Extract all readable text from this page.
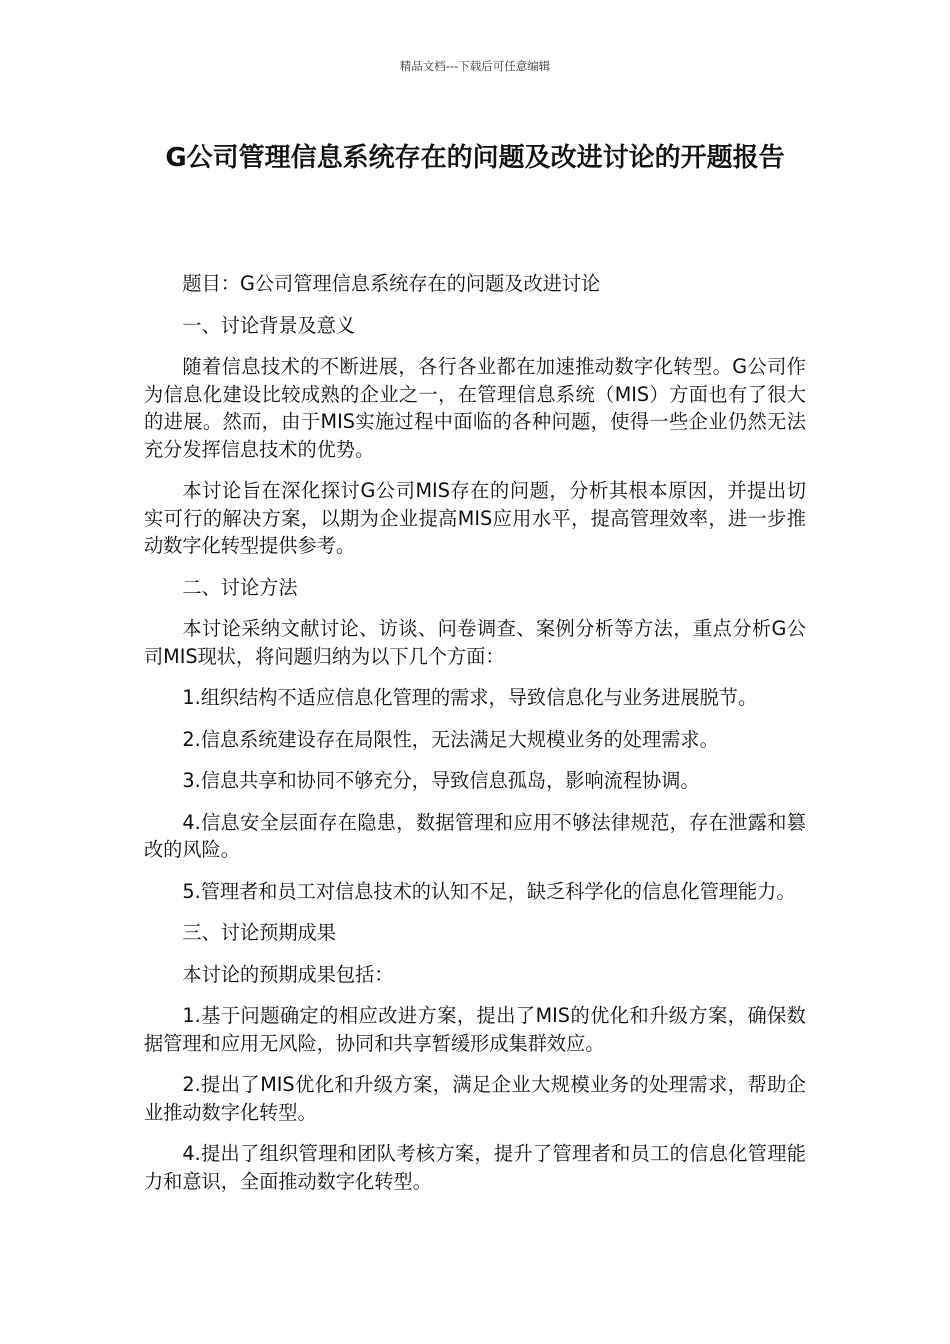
精品文档---下载后可任意编辑
G公司管理信息系统存在的问题及改进讨论的开题报告

题目：G公司管理信息系统存在的问题及改进讨论

一、讨论背景及意义

随着信息技术的不断进展，各行各业都在加速推动数字化转型。G公司作为信息化建设比较成熟的企业之一，在管理信息系统（MIS）方面也有了很大的进展。然而，由于MIS实施过程中面临的各种问题，使得一些企业仍然无法充分发挥信息技术的优势。

本讨论旨在深化探讨G公司MIS存在的问题，分析其根本原因，并提出切实可行的解决方案，以期为企业提高MIS应用水平，提高管理效率，进一步推动数字化转型提供参考。

二、讨论方法

本讨论采纳文献讨论、访谈、问卷调查、案例分析等方法，重点分析G公司MIS现状，将问题归纳为以下几个方面：

1.组织结构不适应信息化管理的需求，导致信息化与业务进展脱节。

2.信息系统建设存在局限性，无法满足大规模业务的处理需求。

3.信息共享和协同不够充分，导致信息孤岛，影响流程协调。

4.信息安全层面存在隐患，数据管理和应用不够法律规范，存在泄露和篡改的风险。

5.管理者和员工对信息技术的认知不足，缺乏科学化的信息化管理能力。

三、讨论预期成果

本讨论的预期成果包括：

1.基于问题确定的相应改进方案，提出了MIS的优化和升级方案，确保数据管理和应用无风险，协同和共享暂缓形成集群效应。

2.提出了MIS优化和升级方案，满足企业大规模业务的处理需求，帮助企业推动数字化转型。

4.提出了组织管理和团队考核方案，提升了管理者和员工的信息化管理能力和意识，全面推动数字化转型。
